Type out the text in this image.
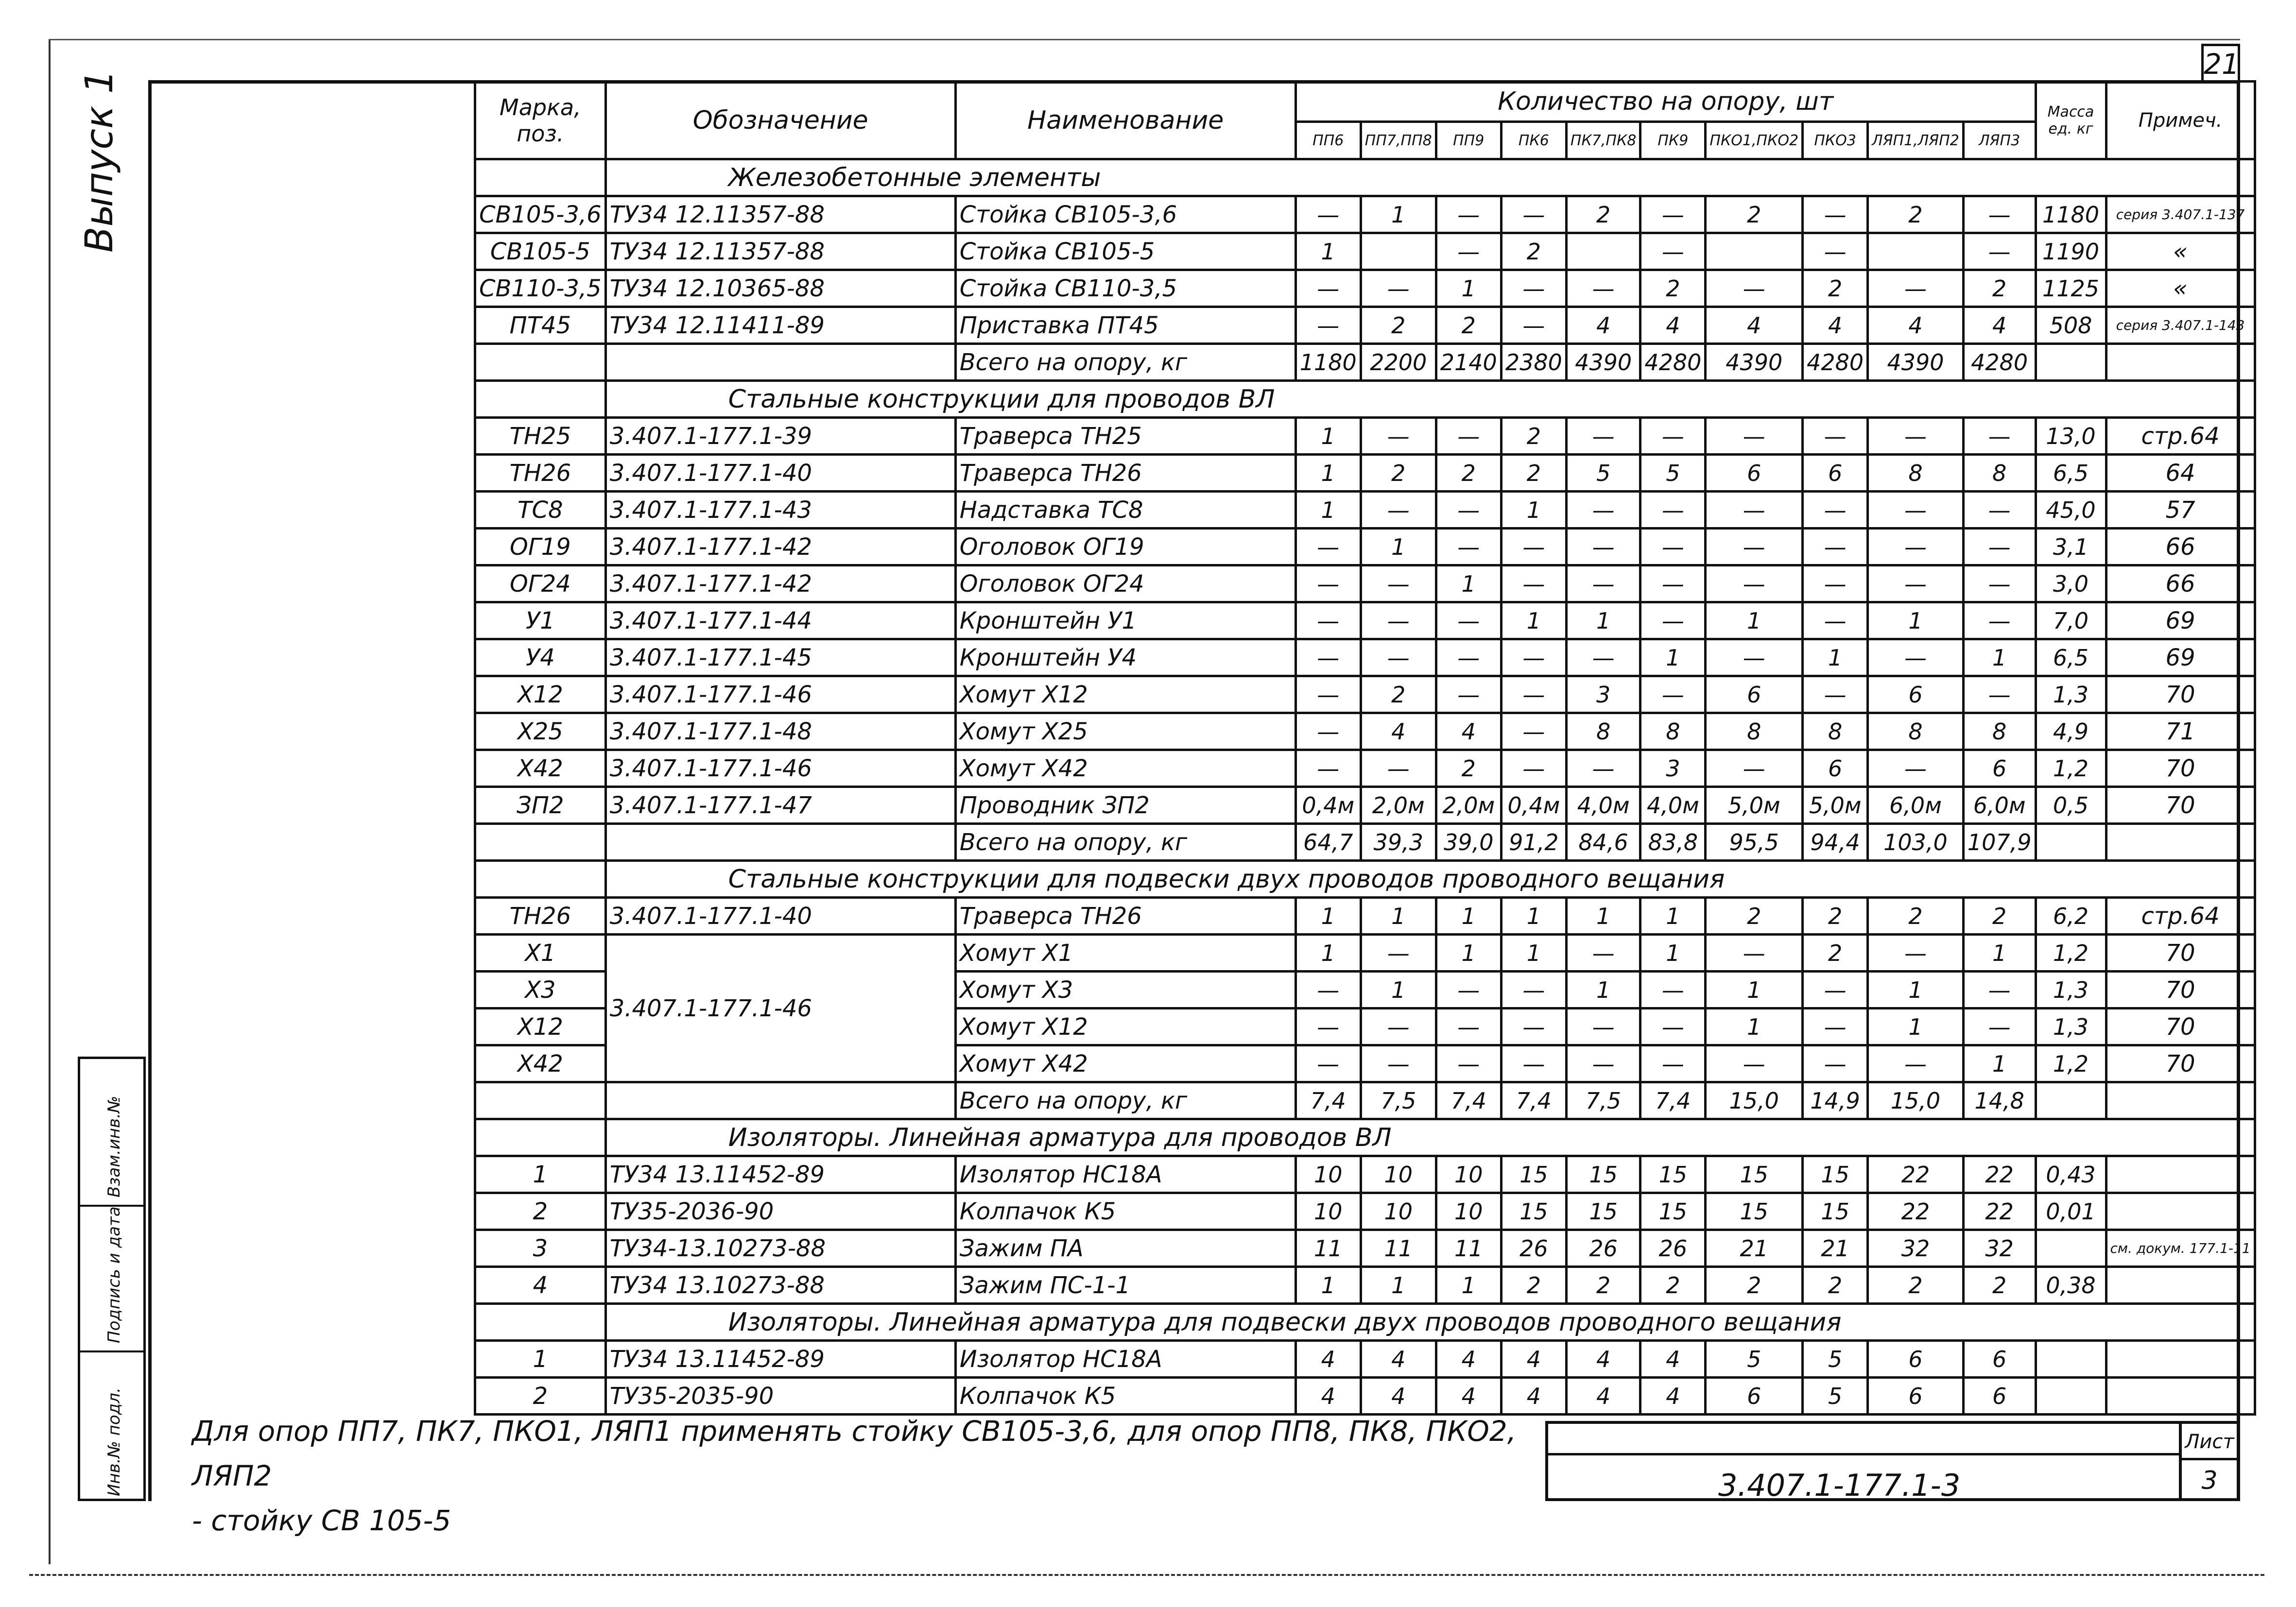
21
Выпуск 1
Взам.инв.№
Подпись и дата
Инв.№ подл.
Марка, поз.	Обозначение	Наименование	Количество на опору, шт										Масса ед. кг	Примеч.
			ПП6	ПП7,ПП8	ПП9	ПК6	ПК7,ПК8	ПК9	ПКО1,ПКО2	ПКО3	ЛЯП1,ЛЯП2	ЛЯП3		
	Железобетонные элементы													
СВ105-3,6	ТУ34 12.11357-88	Стойка СВ105-3,6	—	1	—	—	2	—	2	—	2	—	1180	серия 3.407.1-137
СВ105-5	ТУ34 12.11357-88	Стойка СВ105-5	1		—	2		—		—		—	1190	«
СВ110-3,5	ТУ34 12.10365-88	Стойка СВ110-3,5	—	—	1	—	—	2	—	2	—	2	1125	«
ПТ45	ТУ34 12.11411-89	Приставка ПТ45	—	2	2	—	4	4	4	4	4	4	508	серия 3.407.1-143
		Всего на опору, кг	1180	2200	2140	2380	4390	4280	4390	4280	4390	4280		
	Стальные конструкции для проводов ВЛ													
ТН25	3.407.1-177.1-39	Траверса ТН25	1	—	—	2	—	—	—	—	—	—	13,0	стр.64
ТН26	3.407.1-177.1-40	Траверса ТН26	1	2	2	2	5	5	6	6	8	8	6,5	64
ТС8	3.407.1-177.1-43	Надставка ТС8	1	—	—	1	—	—	—	—	—	—	45,0	57
ОГ19	3.407.1-177.1-42	Оголовок ОГ19	—	1	—	—	—	—	—	—	—	—	3,1	66
ОГ24	3.407.1-177.1-42	Оголовок ОГ24	—	—	1	—	—	—	—	—	—	—	3,0	66
У1	3.407.1-177.1-44	Кронштейн У1	—	—	—	1	1	—	1	—	1	—	7,0	69
У4	3.407.1-177.1-45	Кронштейн У4	—	—	—	—	—	1	—	1	—	1	6,5	69
Х12	3.407.1-177.1-46	Хомут Х12	—	2	—	—	3	—	6	—	6	—	1,3	70
Х25	3.407.1-177.1-48	Хомут Х25	—	4	4	—	8	8	8	8	8	8	4,9	71
Х42	3.407.1-177.1-46	Хомут Х42	—	—	2	—	—	3	—	6	—	6	1,2	70
ЗП2	3.407.1-177.1-47	Проводник ЗП2	0,4м	2,0м	2,0м	0,4м	4,0м	4,0м	5,0м	5,0м	6,0м	6,0м	0,5	70
		Всего на опору, кг	64,7	39,3	39,0	91,2	84,6	83,8	95,5	94,4	103,0	107,9		
	Стальные конструкции для подвески двух проводов проводного вещания													
ТН26	3.407.1-177.1-40	Траверса ТН26	1	1	1	1	1	1	2	2	2	2	6,2	стр.64
Х1	3.407.1-177.1-46	Хомут Х1	1	—	1	1	—	1	—	2	—	1	1,2	70
Х3		Хомут Х3	—	1	—	—	1	—	1	—	1	—	1,3	70
Х12		Хомут Х12	—	—	—	—	—	—	1	—	1	—	1,3	70
Х42		Хомут Х42	—	—	—	—	—	—	—	—	—	1	1,2	70
		Всего на опору, кг	7,4	7,5	7,4	7,4	7,5	7,4	15,0	14,9	15,0	14,8		
	Изоляторы. Линейная арматура для проводов ВЛ													
1	ТУ34 13.11452-89	Изолятор НС18А	10	10	10	15	15	15	15	15	22	22	0,43	
2	ТУ35-2036-90	Колпачок К5	10	10	10	15	15	15	15	15	22	22	0,01	
3	ТУ34-13.10273-88	Зажим ПА	11	11	11	26	26	26	21	21	32	32		см. докум. 177.1-11
4	ТУ34 13.10273-88	Зажим ПС-1-1	1	1	1	2	2	2	2	2	2	2	0,38	
	Изоляторы. Линейная арматура для подвески двух проводов проводного вещания													
1	ТУ34 13.11452-89	Изолятор НС18А	4	4	4	4	4	4	5	5	6	6		
2	ТУ35-2035-90	Колпачок К5	4	4	4	4	4	4	6	5	6	6		
Для опор ПП7, ПК7, ПКО1, ЛЯП1 применять стойку СВ105-3,6, для опор ПП8, ПК8, ПКО2, ЛЯП2
- стойку СВ 105-5
3.407.1-177.1-3
Лист
3
